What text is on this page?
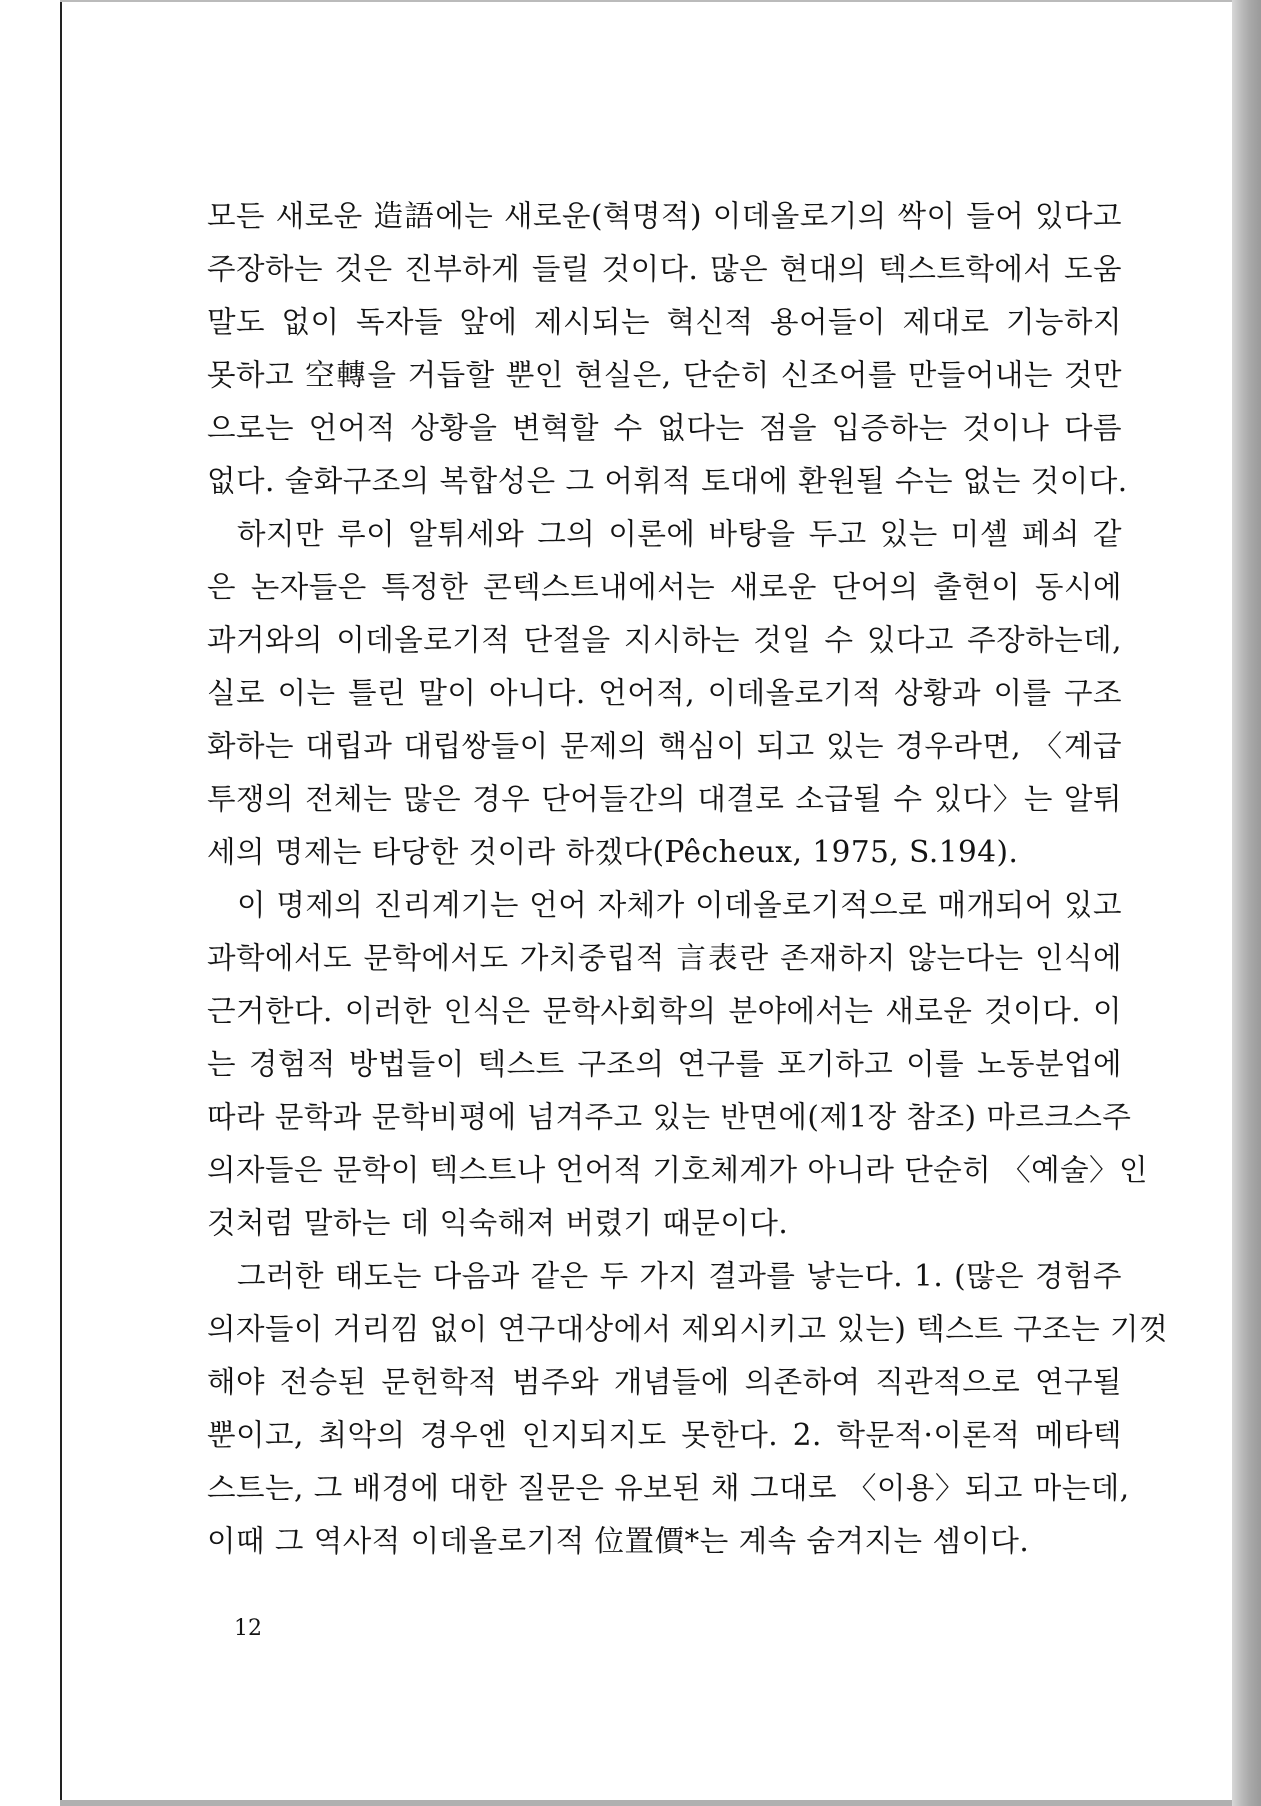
모든 새로운 造語에는 새로운(혁명적) 이데올로기의 싹이 들어 있다고
주장하는 것은 진부하게 들릴 것이다. 많은 현대의 텍스트학에서 도움
말도 없이 독자들 앞에 제시되는 혁신적 용어들이 제대로 기능하지
못하고 空轉을 거듭할 뿐인 현실은, 단순히 신조어를 만들어내는 것만
으로는 언어적 상황을 변혁할 수 없다는 점을 입증하는 것이나 다름
없다. 술화구조의 복합성은 그 어휘적 토대에 환원될 수는 없는 것이다.
하지만 루이 알튀세와 그의 이론에 바탕을 두고 있는 미셸 페쇠 같
은 논자들은 특정한 콘텍스트내에서는 새로운 단어의 출현이 동시에
과거와의 이데올로기적 단절을 지시하는 것일 수 있다고 주장하는데,
실로 이는 틀린 말이 아니다. 언어적, 이데올로기적 상황과 이를 구조
화하는 대립과 대립쌍들이 문제의 핵심이 되고 있는 경우라면, 〈계급
투쟁의 전체는 많은 경우 단어들간의 대결로 소급될 수 있다〉는 알튀
세의 명제는 타당한 것이라 하겠다(Pêcheux, 1975, S.194).
이 명제의 진리계기는 언어 자체가 이데올로기적으로 매개되어 있고
과학에서도 문학에서도 가치중립적 言表란 존재하지 않는다는 인식에
근거한다. 이러한 인식은 문학사회학의 분야에서는 새로운 것이다. 이
는 경험적 방법들이 텍스트 구조의 연구를 포기하고 이를 노동분업에
따라 문학과 문학비평에 넘겨주고 있는 반면에(제1장 참조) 마르크스주
의자들은 문학이 텍스트나 언어적 기호체계가 아니라 단순히 〈예술〉인
것처럼 말하는 데 익숙해져 버렸기 때문이다.
그러한 태도는 다음과 같은 두 가지 결과를 낳는다. 1. (많은 경험주
의자들이 거리낌 없이 연구대상에서 제외시키고 있는) 텍스트 구조는 기껏
해야 전승된 문헌학적 범주와 개념들에 의존하여 직관적으로 연구될
뿐이고, 최악의 경우엔 인지되지도 못한다. 2. 학문적·이론적 메타텍
스트는, 그 배경에 대한 질문은 유보된 채 그대로 〈이용〉되고 마는데,
이때 그 역사적 이데올로기적 位置價*는 계속 숨겨지는 셈이다.
12
